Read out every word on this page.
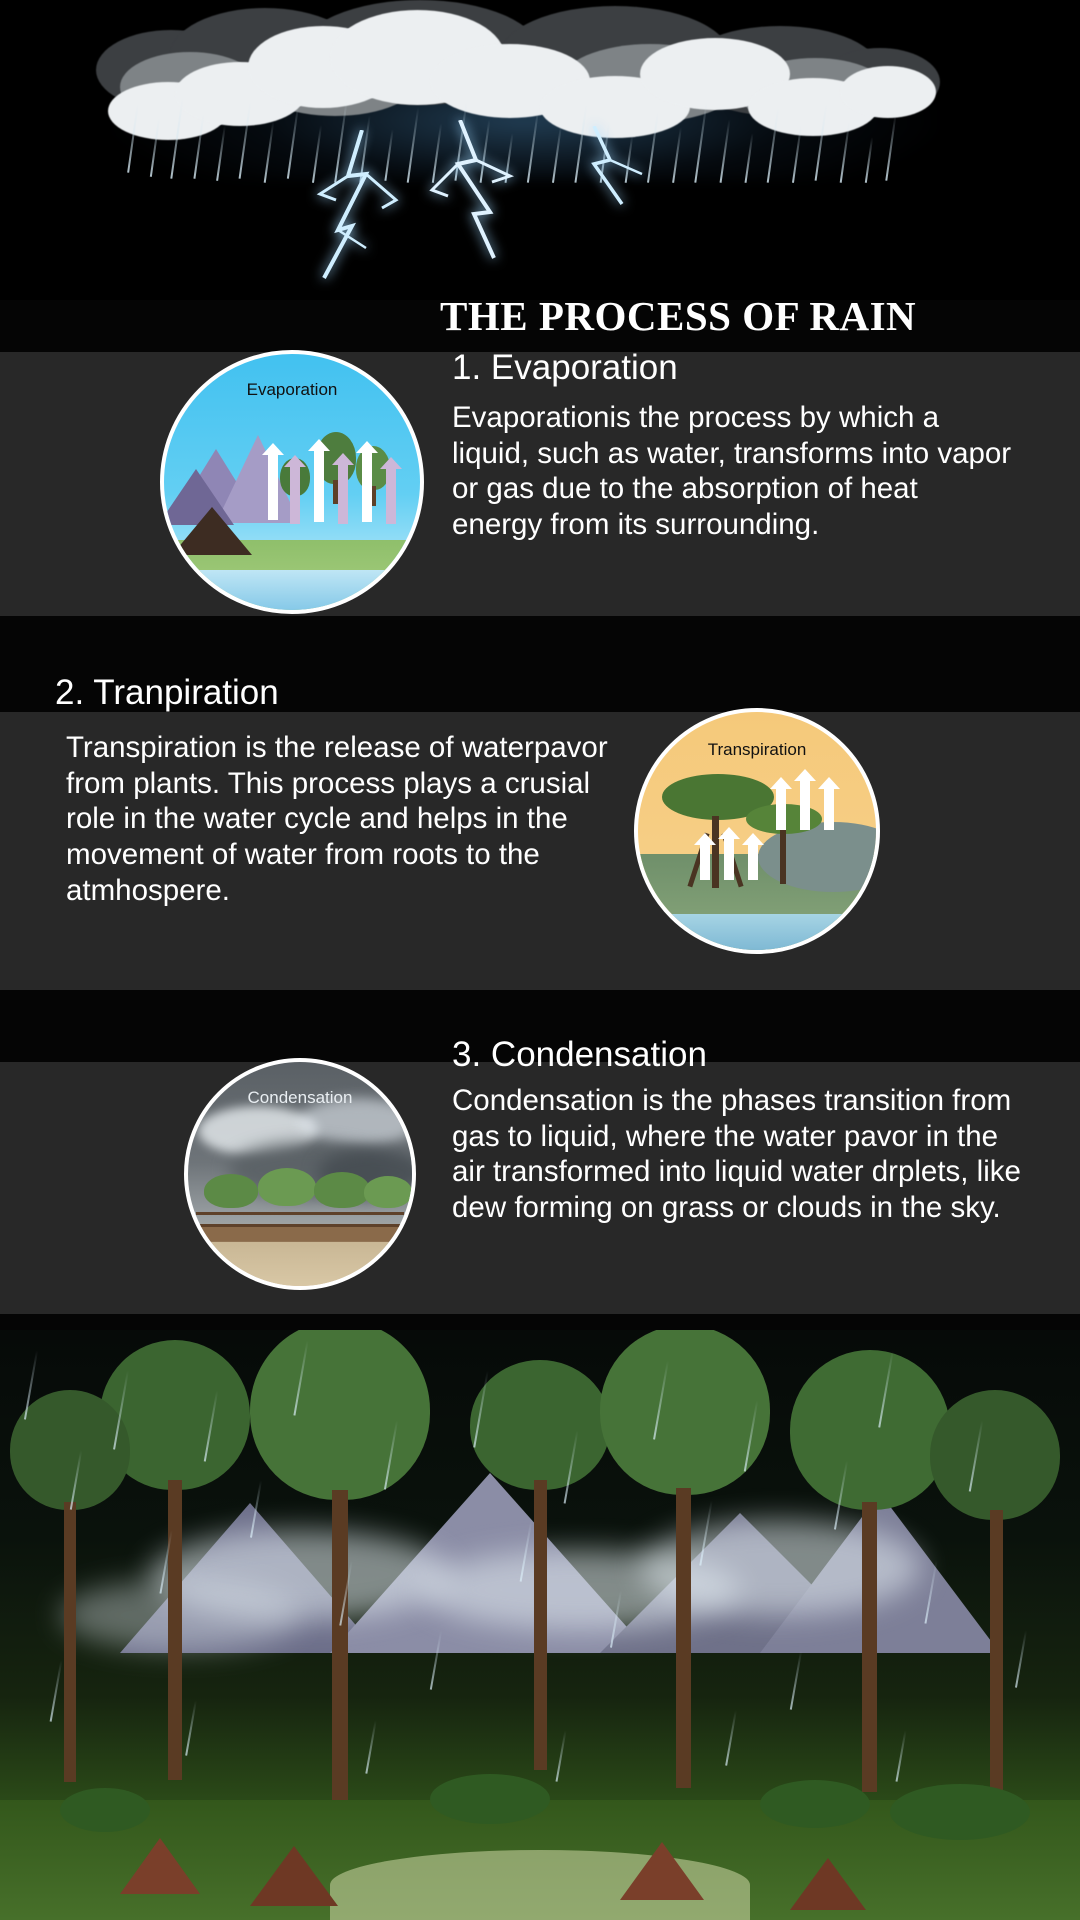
THE PROCESS OF RAIN
1. Evaporation
Evaporationis the process by which a liquid, such as water, transforms into vapor or gas due to the absorption of heat energy from its surrounding.
Evaporation
2. Tranpiration
Transpiration is the release of waterpavor from plants. This process plays a crusial role in the water cycle and helps in the movement of water from roots to the atmhospere.
Transpiration
3. Condensation
Condensation is the phases transition from gas to liquid, where the water pavor in the air transformed into liquid water drplets, like dew forming on grass or clouds in the sky.
Condensation
